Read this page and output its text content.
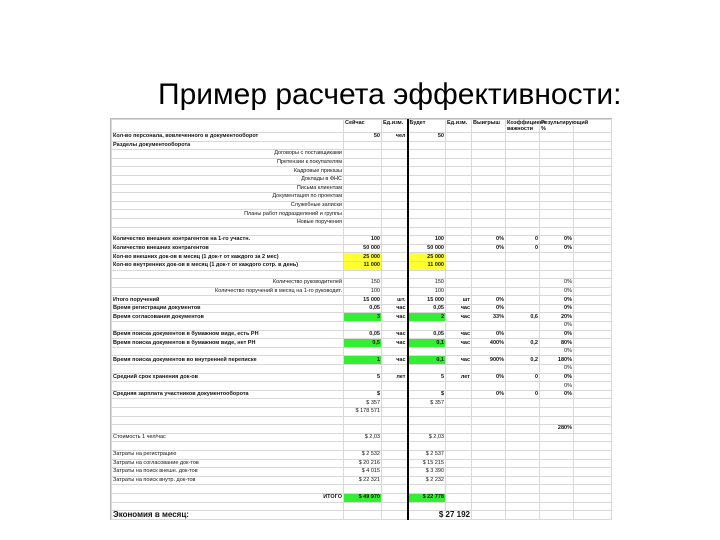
Пример расчета эффективности:
	Сейчас	Ед.изм.	Будет	Ед.изм.	Выигрыш	Коэффициент важности	Результирующий %	
Кол-во персонала, вовлеченного в документооборот	50	чел	50					
Разделы документооборота								
Договоры с поставщиками								
Претензии к покупателям								
Кадровые приказы								
Доклады в ФНС								
Письма клиентам								
Документация по проектам								
Служебные записки								
Планы работ подразделений и группы								
Новые поручения								

Количество внешних контрагентов на 1-го участн.	100		100		0%	0	0%	
Количество внешних контрагентов	50 000		50 000		0%	0	0%	
Кол-во внешних док-ов в месяц (1 док-т от каждого за 2 мес)	25 000		25 000					
Кол-во внутренних док-ов в месяц (1 док-т от каждого сотр. в день)	11 000		11 000					

Количество руководителей	150		150				0%	
Количество поручений в месяц на 1-го руководит.	100		100				0%	
Итого поручений	15 000	шт.	15 000	шт	0%		0%	
Время регистрации документов	0,05	час	0,05	час	0%		0%	
Время согласования документов	3	час	2	час	33%	0,6	20%	
							0%	
Время поиска документов в бумажном виде, есть РН	0,05	час	0,05	час	0%		0%	
Время поиска документов в бумажном виде, нет РН	0,5	час	0,1	час	400%	0,2	80%	
							0%	
Время поиска документов во внутренней переписке	1	час	0,1	час	900%	0,2	180%	
							0%	
Средний срок хранения док-ов	5	лет	5	лет	0%	0	0%	
							0%	
Средняя зарплата участников документооборота	$		$		0%	0	0%	
	$ 357		$ 357					
	$ 178 571							

							280%	
Стоимость 1 чел/час	$ 2,03		$ 2,03					

Затраты на регистрацию	$ 2 532		$ 2 537					
Затраты на согласование док-тов	$ 20 216		$ 15 215					
Затраты на поиск внешн. док-тов	$ 4 015		$ 3 390					
Затраты на поиск внутр. док-тов	$ 22 321		$ 2 232					

ИТОГО	$ 49 970		$ 22 778					

Экономия в месяц:			$ 27 192					
